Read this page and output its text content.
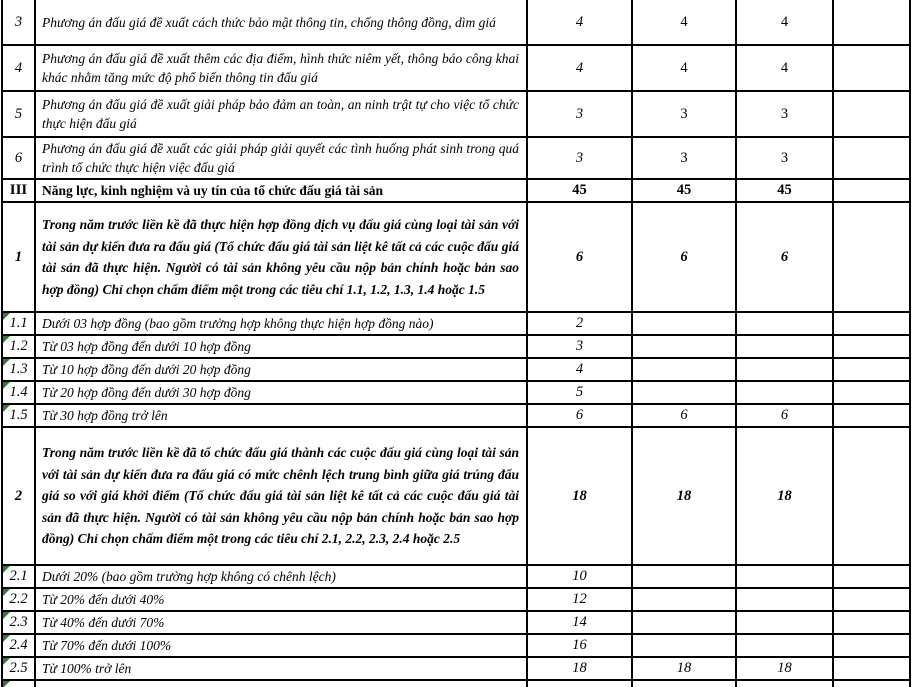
3	Phương án đấu giá đề xuất cách thức bảo mật thông tin, chống thông đồng, dìm giá	4	4	4	
4	Phương án đấu giá đề xuất thêm các địa điểm, hình thức niêm yết, thông báo công khai khác nhằm tăng mức độ phổ biến thông tin đấu giá	4	4	4	
5	Phương án đấu giá đề xuất giải pháp bảo đảm an toàn, an ninh trật tự cho việc tổ chức thực hiện đấu giá	3	3	3	
6	Phương án đấu giá đề xuất các giải pháp giải quyết các tình huống phát sinh trong quá trình tổ chức thực hiện việc đấu giá	3	3	3	
III	Năng lực, kinh nghiệm và uy tín của tổ chức đấu giá tài sản	45	45	45	
1	Trong năm trước liền kề đã thực hiện hợp đồng dịch vụ đấu giá cùng loại tài sản với tài sản dự kiến đưa ra đấu giá (Tổ chức đấu giá tài sản liệt kê tất cả các cuộc đấu giá tài sản đã thực hiện. Người có tài sản không yêu cầu nộp bản chính hoặc bản sao hợp đồng) Chỉ chọn chấm điểm một trong các tiêu chí 1.1, 1.2, 1.3, 1.4 hoặc 1.5	6	6	6	
1.1	Dưới 03 hợp đồng (bao gồm trường hợp không thực hiện hợp đồng nào)	2			
1.2	Từ 03 hợp đồng đến dưới 10 hợp đồng	3			
1.3	Từ 10 hợp đồng đến dưới 20 hợp đồng	4			
1.4	Từ 20 hợp đồng đến dưới 30 hợp đồng	5			
1.5	Từ 30 hợp đồng trở lên	6	6	6	
2	Trong năm trước liền kề đã tổ chức đấu giá thành các cuộc đấu giá cùng loại tài sản với tài sản dự kiến đưa ra đấu giá có mức chênh lệch trung bình giữa giá trúng đấu giá so với giá khởi điểm (Tổ chức đấu giá tài sản liệt kê tất cả các cuộc đấu giá tài sản đã thực hiện. Người có tài sản không yêu cầu nộp bản chính hoặc bản sao hợp đồng) Chỉ chọn chấm điểm một trong các tiêu chí 2.1, 2.2, 2.3, 2.4 hoặc 2.5	18	18	18	
2.1	Dưới 20% (bao gồm trường hợp không có chênh lệch)	10			
2.2	Từ 20% đến dưới 40%	12			
2.3	Từ 40% đến dưới 70%	14			
2.4	Từ 70% đến dưới 100%	16			
2.5	Từ 100% trở lên	18	18	18	
